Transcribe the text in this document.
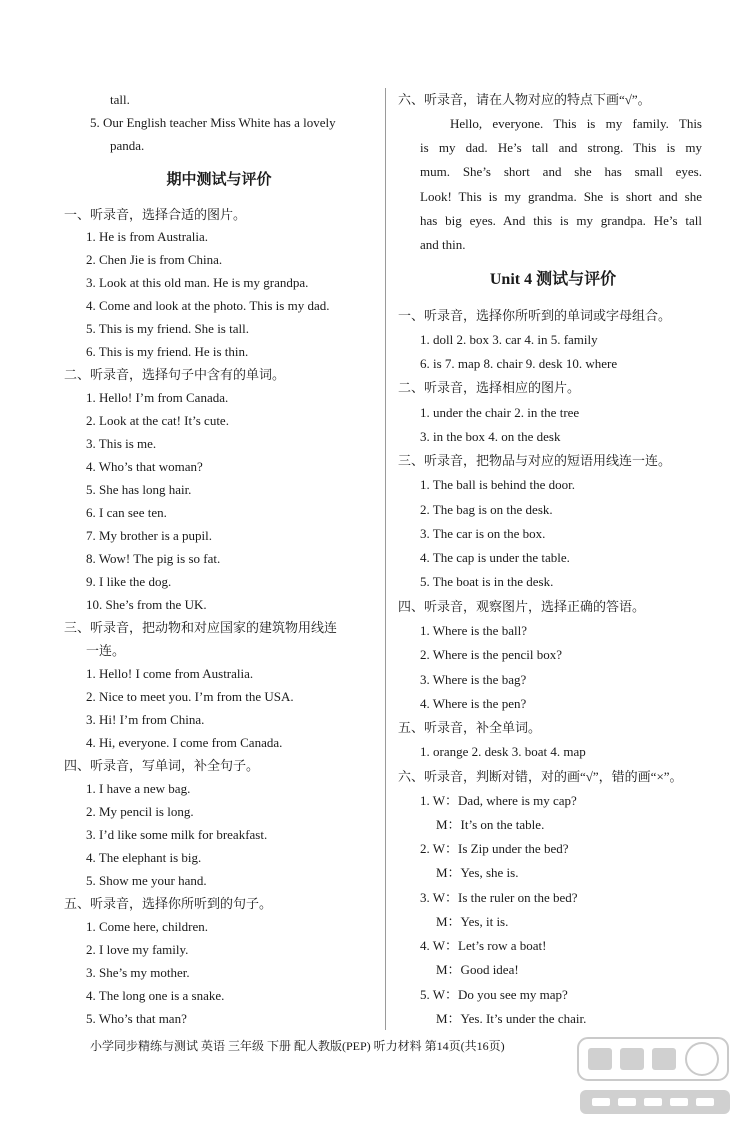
tall.
5. Our English teacher Miss White has a lovely
panda.
期中测试与评价
一、听录音，选择合适的图片。
1. He is from Australia.
2. Chen Jie is from China.
3. Look at this old man. He is my grandpa.
4. Come and look at the photo. This is my dad.
5. This is my friend. She is tall.
6. This is my friend. He is thin.
二、听录音，选择句子中含有的单词。
1. Hello! I’m from Canada.
2. Look at the cat! It’s cute.
3. This is me.
4. Who’s that woman?
5. She has long hair.
6. I can see ten.
7. My brother is a pupil.
8. Wow! The pig is so fat.
9. I like the dog.
10. She’s from the UK.
三、听录音，把动物和对应国家的建筑物用线连
一连。
1. Hello! I come from Australia.
2. Nice to meet you. I’m from the USA.
3. Hi! I’m from China.
4. Hi, everyone. I come from Canada.
四、听录音，写单词，补全句子。
1. I have a new bag.
2. My pencil is long.
3. I’d like some milk for breakfast.
4. The elephant is big.
5. Show me your hand.
五、听录音，选择你所听到的句子。
1. Come here, children.
2. I love my family.
3. She’s my mother.
4. The long one is a snake.
5. Who’s that man?
六、听录音，请在人物对应的特点下画“√”。
Hello, everyone. This is my family. This
is my dad. He’s tall and strong. This is my
mum. She’s short and she has small eyes.
Look! This is my grandma. She is short and she
has big eyes. And this is my grandpa. He’s tall
and thin.
Unit 4 测试与评价
一、听录音，选择你所听到的单词或字母组合。
1. doll 2. box 3. car 4. in 5. family
6. is 7. map 8. chair 9. desk 10. where
二、听录音，选择相应的图片。
1. under the chair 2. in the tree
3. in the box 4. on the desk
三、听录音，把物品与对应的短语用线连一连。
1. The ball is behind the door.
2. The bag is on the desk.
3. The car is on the box.
4. The cap is under the table.
5. The boat is in the desk.
四、听录音，观察图片，选择正确的答语。
1. Where is the ball?
2. Where is the pencil box?
3. Where is the bag?
4. Where is the pen?
五、听录音，补全单词。
1. orange 2. desk 3. boat 4. map
六、听录音，判断对错，对的画“√”，错的画“×”。
1. W：Dad, where is my cap?
M：It’s on the table.
2. W：Is Zip under the bed?
M：Yes, she is.
3. W：Is the ruler on the bed?
M：Yes, it is.
4. W：Let’s row a boat!
M：Good idea!
5. W：Do you see my map?
M：Yes. It’s under the chair.
小学同步精练与测试 英语 三年级 下册 配人教版(PEP) 听力材料 第14页(共16页)
